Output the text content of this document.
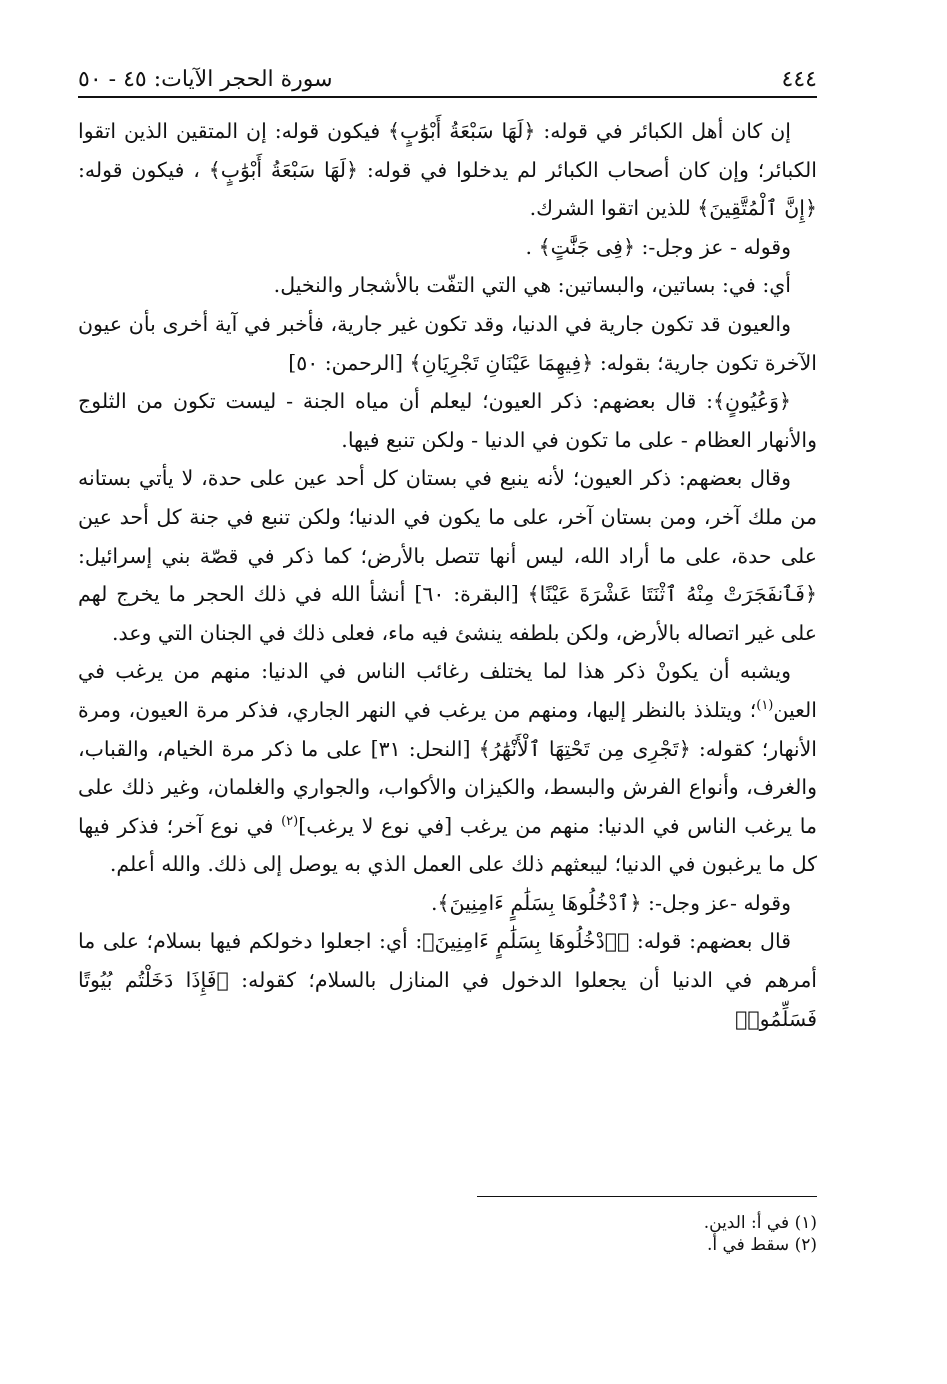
٤٤٤
سورة الحجر الآيات: ٤٥ - ٥٠

إن كان أهل الكبائر في قوله: ﴿لَهَا سَبْعَةُ أَبْوَٰبٍ﴾ فيكون قوله: إن المتقين الذين اتقوا الكبائر؛ وإن كان أصحاب الكبائر لم يدخلوا في قوله: ﴿لَهَا سَبْعَةُ أَبْوَٰبٍ﴾ ، فيكون قوله: ﴿إِنَّ ٱلْمُتَّقِينَ﴾ للذين اتقوا الشرك.

وقوله - عز وجل-: ﴿فِى جَنَّٰتٍ﴾ .

أي: في: بساتين، والبساتين: هي التي التفّت بالأشجار والنخيل.

والعيون قد تكون جارية في الدنيا، وقد تكون غير جارية، فأخبر في آية أخرى بأن عيون الآخرة تكون جارية؛ بقوله: ﴿فِيهِمَا عَيْنَانِ تَجْرِيَانِ﴾ [الرحمن: ٥٠]

﴿وَعُيُونٍ﴾: قال بعضهم: ذكر العيون؛ ليعلم أن مياه الجنة - ليست تكون من الثلوج والأنهار العظام - على ما تكون في الدنيا - ولكن تنبع فيها.

وقال بعضهم: ذكر العيون؛ لأنه ينبع في بستان كل أحد عين على حدة، لا يأتي بستانه من ملك آخر، ومن بستان آخر، على ما يكون في الدنيا؛ ولكن تنبع في جنة كل أحد عين على حدة، على ما أراد الله، ليس أنها تتصل بالأرض؛ كما ذكر في قصّة بني إسرائيل: ﴿فَٱنفَجَرَتْ مِنْهُ ٱثْنَتَا عَشْرَةَ عَيْنًا﴾ [البقرة: ٦٠] أنشأ الله في ذلك الحجر ما يخرج لهم على غير اتصاله بالأرض، ولكن بلطفه ينشئ فيه ماء، فعلى ذلك في الجنان التي وعد.

ويشبه أن يكونْ ذكر هذا لما يختلف رغائب الناس في الدنيا: منهم من يرغب في العين$^{(١)}$؛ ويتلذذ بالنظر إليها، ومنهم من يرغب في النهر الجاري، فذكر مرة العيون، ومرة الأنهار؛ كقوله: ﴿تَجْرِى مِن تَحْتِهَا ٱلْأَنْهَٰرُ﴾ [النحل: ٣١] على ما ذكر مرة الخيام، والقباب، والغرف، وأنواع الفرش والبسط، والكيزان والأكواب، والجواري والغلمان، وغير ذلك على ما يرغب الناس في الدنيا: منهم من يرغب [في نوع لا يرغب]$^{(٢)}$ في نوع آخر؛ فذكر فيها كل ما يرغبون في الدنيا؛ ليبعثهم ذلك على العمل الذي به يوصل إلى ذلك. والله أعلم.

وقوله -عز وجل-: ﴿ٱدْخُلُوهَا بِسَلَٰمٍ ءَامِنِينَ﴾.

قال بعضهم: قوله: ﴿ٱدْخُلُوهَا بِسَلَٰمٍ ءَامِنِينَ﴾: أي: اجعلوا دخولكم فيها بسلام؛ على ما أمرهم في الدنيا أن يجعلوا الدخول في المنازل بالسلام؛ كقوله: ﴿فَإِذَا دَخَلْتُم بُيُوتًا فَسَلِّمُوا۟

(١) في أ: الدين.
(٢) سقط في أ.
